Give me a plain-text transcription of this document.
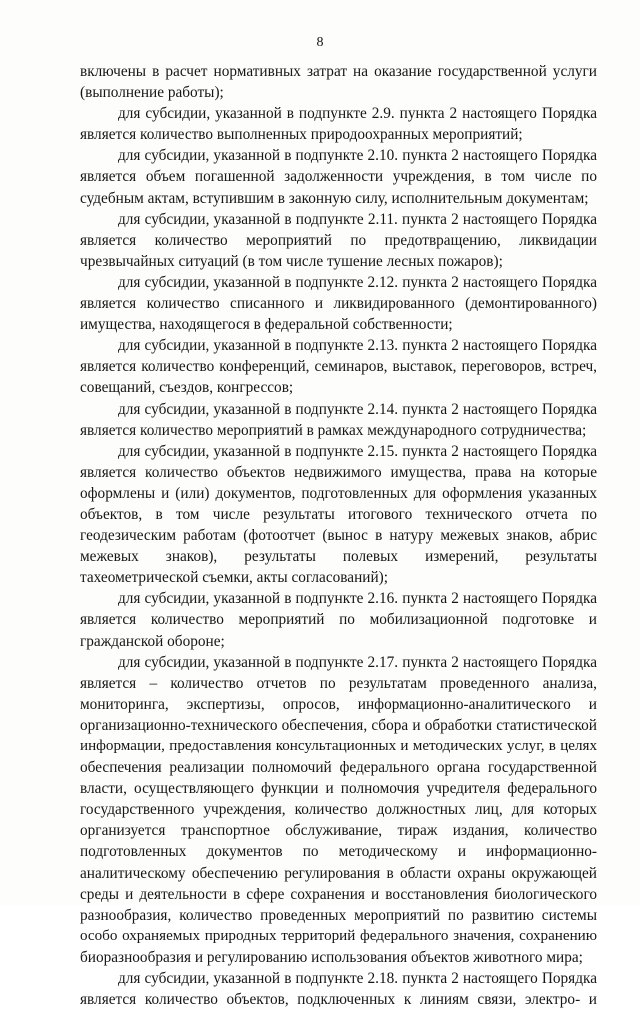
8
включены в расчет нормативных затрат на оказание государственной услуги
(выполнение работы);
для субсидии, указанной в подпункте 2.9. пункта 2 настоящего Порядка
является количество выполненных природоохранных мероприятий;
для субсидии, указанной в подпункте 2.10. пункта 2 настоящего Порядка
является объем погашенной задолженности учреждения, в том числе по
судебным актам, вступившим в законную силу, исполнительным документам;
для субсидии, указанной в подпункте 2.11. пункта 2 настоящего Порядка
является количество мероприятий по предотвращению, ликвидации
чрезвычайных ситуаций (в том числе тушение лесных пожаров);
для субсидии, указанной в подпункте 2.12. пункта 2 настоящего Порядка
является количество списанного и ликвидированного (демонтированного)
имущества, находящегося в федеральной собственности;
для субсидии, указанной в подпункте 2.13. пункта 2 настоящего Порядка
является количество конференций, семинаров, выставок, переговоров, встреч,
совещаний, съездов, конгрессов;
для субсидии, указанной в подпункте 2.14. пункта 2 настоящего Порядка
является количество мероприятий в рамках международного сотрудничества;
для субсидии, указанной в подпункте 2.15. пункта 2 настоящего Порядка
является количество объектов недвижимого имущества, права на которые
оформлены и (или) документов, подготовленных для оформления указанных
объектов, в том числе результаты итогового технического отчета по
геодезическим работам (фотоотчет (вынос в натуру межевых знаков, абрис
межевых знаков), результаты полевых измерений, результаты
тахеометрической съемки, акты согласований);
для субсидии, указанной в подпункте 2.16. пункта 2 настоящего Порядка
является количество мероприятий по мобилизационной подготовке и
гражданской обороне;
для субсидии, указанной в подпункте 2.17. пункта 2 настоящего Порядка
является – количество отчетов по результатам проведенного анализа,
мониторинга, экспертизы, опросов, информационно-аналитического и
организационно-технического обеспечения, сбора и обработки статистической
информации, предоставления консультационных и методических услуг, в целях
обеспечения реализации полномочий федерального органа государственной
власти, осуществляющего функции и полномочия учредителя федерального
государственного учреждения, количество должностных лиц, для которых
организуется транспортное обслуживание, тираж издания, количество
подготовленных документов по методическому и информационно-
аналитическому обеспечению регулирования в области охраны окружающей
среды и деятельности в сфере сохранения и восстановления биологического
разнообразия, количество проведенных мероприятий по развитию системы
особо охраняемых природных территорий федерального значения, сохранению
биоразнообразия и регулированию использования объектов животного мира;
для субсидии, указанной в подпункте 2.18. пункта 2 настоящего Порядка
является количество объектов, подключенных к линиям связи, электро- и
